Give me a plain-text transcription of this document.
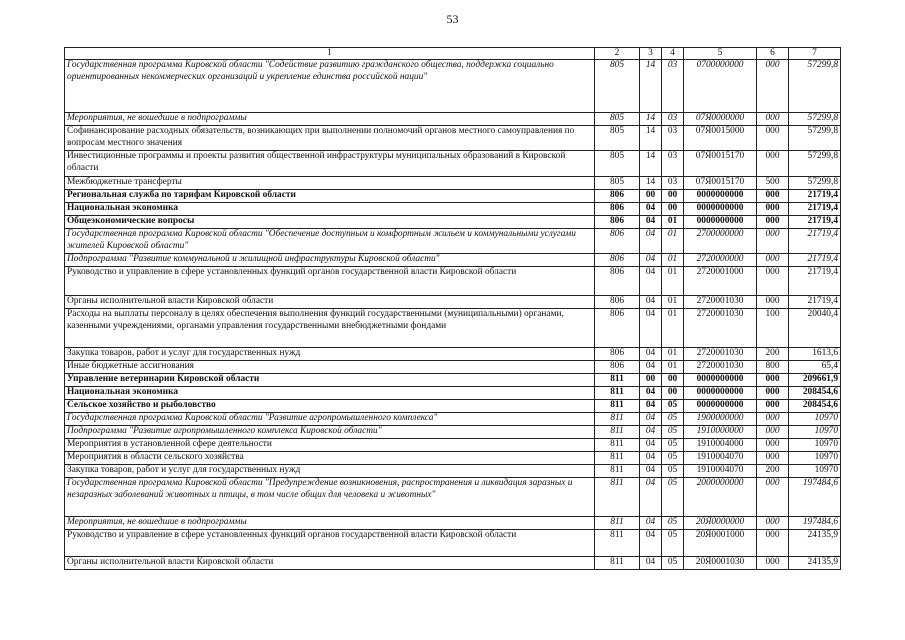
53
1	2	3	4	5	6	7
Государственная программа Кировской области "Содействие развитию гражданского общества, поддержка социально ориентированных некоммерческих организаций и укрепление единства российской нации"	805	14	03	0700000000	000	57299,8
Мероприятия, не вошедшие в подпрограммы	805	14	03	07Я0000000	000	57299,8
Софинансирование расходных обязательств, возникающих при выполнении полномочий органов местного самоуправления по вопросам местного значения	805	14	03	07Я0015000	000	57299,8
Инвестиционные программы и проекты развития общественной инфраструктуры муниципальных образований в Кировской области	805	14	03	07Я0015170	000	57299,8
Межбюджетные трансферты	805	14	03	07Я0015170	500	57299,8
Региональная служба по тарифам Кировской области	806	00	00	0000000000	000	21719,4
Национальная экономика	806	04	00	0000000000	000	21719,4
Общеэкономические вопросы	806	04	01	0000000000	000	21719,4
Государственная программа Кировской области "Обеспечение доступным и комфортным жильем и коммунальными услугами жителей Кировской области"	806	04	01	2700000000	000	21719,4
Подпрограмма "Развитие коммунальной и жилищной инфраструктуры Кировской области"	806	04	01	2720000000	000	21719,4
Руководство и управление в сфере установленных функций органов государственной власти Кировской области	806	04	01	2720001000	000	21719,4
Органы исполнительной власти Кировской области	806	04	01	2720001030	000	21719,4
Расходы на выплаты персоналу в целях обеспечения выполнения функций государственными (муниципальными) органами, казенными учреждениями, органами управления государственными внебюджетными фондами	806	04	01	2720001030	100	20040,4
Закупка товаров, работ и услуг для государственных нужд	806	04	01	2720001030	200	1613,6
Иные бюджетные ассигнования	806	04	01	2720001030	800	65,4
Управление ветеринарии Кировской области	811	00	00	0000000000	000	209661,9
Национальная экономика	811	04	00	0000000000	000	208454,6
Сельское хозяйство и рыболовство	811	04	05	0000000000	000	208454,6
Государственная программа Кировской области "Развитие агропромышленного комплекса"	811	04	05	1900000000	000	10970
Подпрограмма "Развитие агропромышленного комплекса Кировской области"	811	04	05	1910000000	000	10970
Мероприятия в установленной сфере деятельности	811	04	05	1910004000	000	10970
Мероприятия в области сельского хозяйства	811	04	05	1910004070	000	10970
Закупка товаров, работ и услуг для государственных нужд	811	04	05	1910004070	200	10970
Государственная программа Кировской области "Предупреждение возникновения, распространения и ликвидация заразных и незаразных заболеваний животных и птицы, в том числе общих для человека и животных"	811	04	05	2000000000	000	197484,6
Мероприятия, не вошедшие в подпрограммы	811	04	05	20Я0000000	000	197484,6
Руководство и управление в сфере установленных функций органов государственной власти Кировской области	811	04	05	20Я0001000	000	24135,9
Органы исполнительной власти Кировской области	811	04	05	20Я0001030	000	24135,9
